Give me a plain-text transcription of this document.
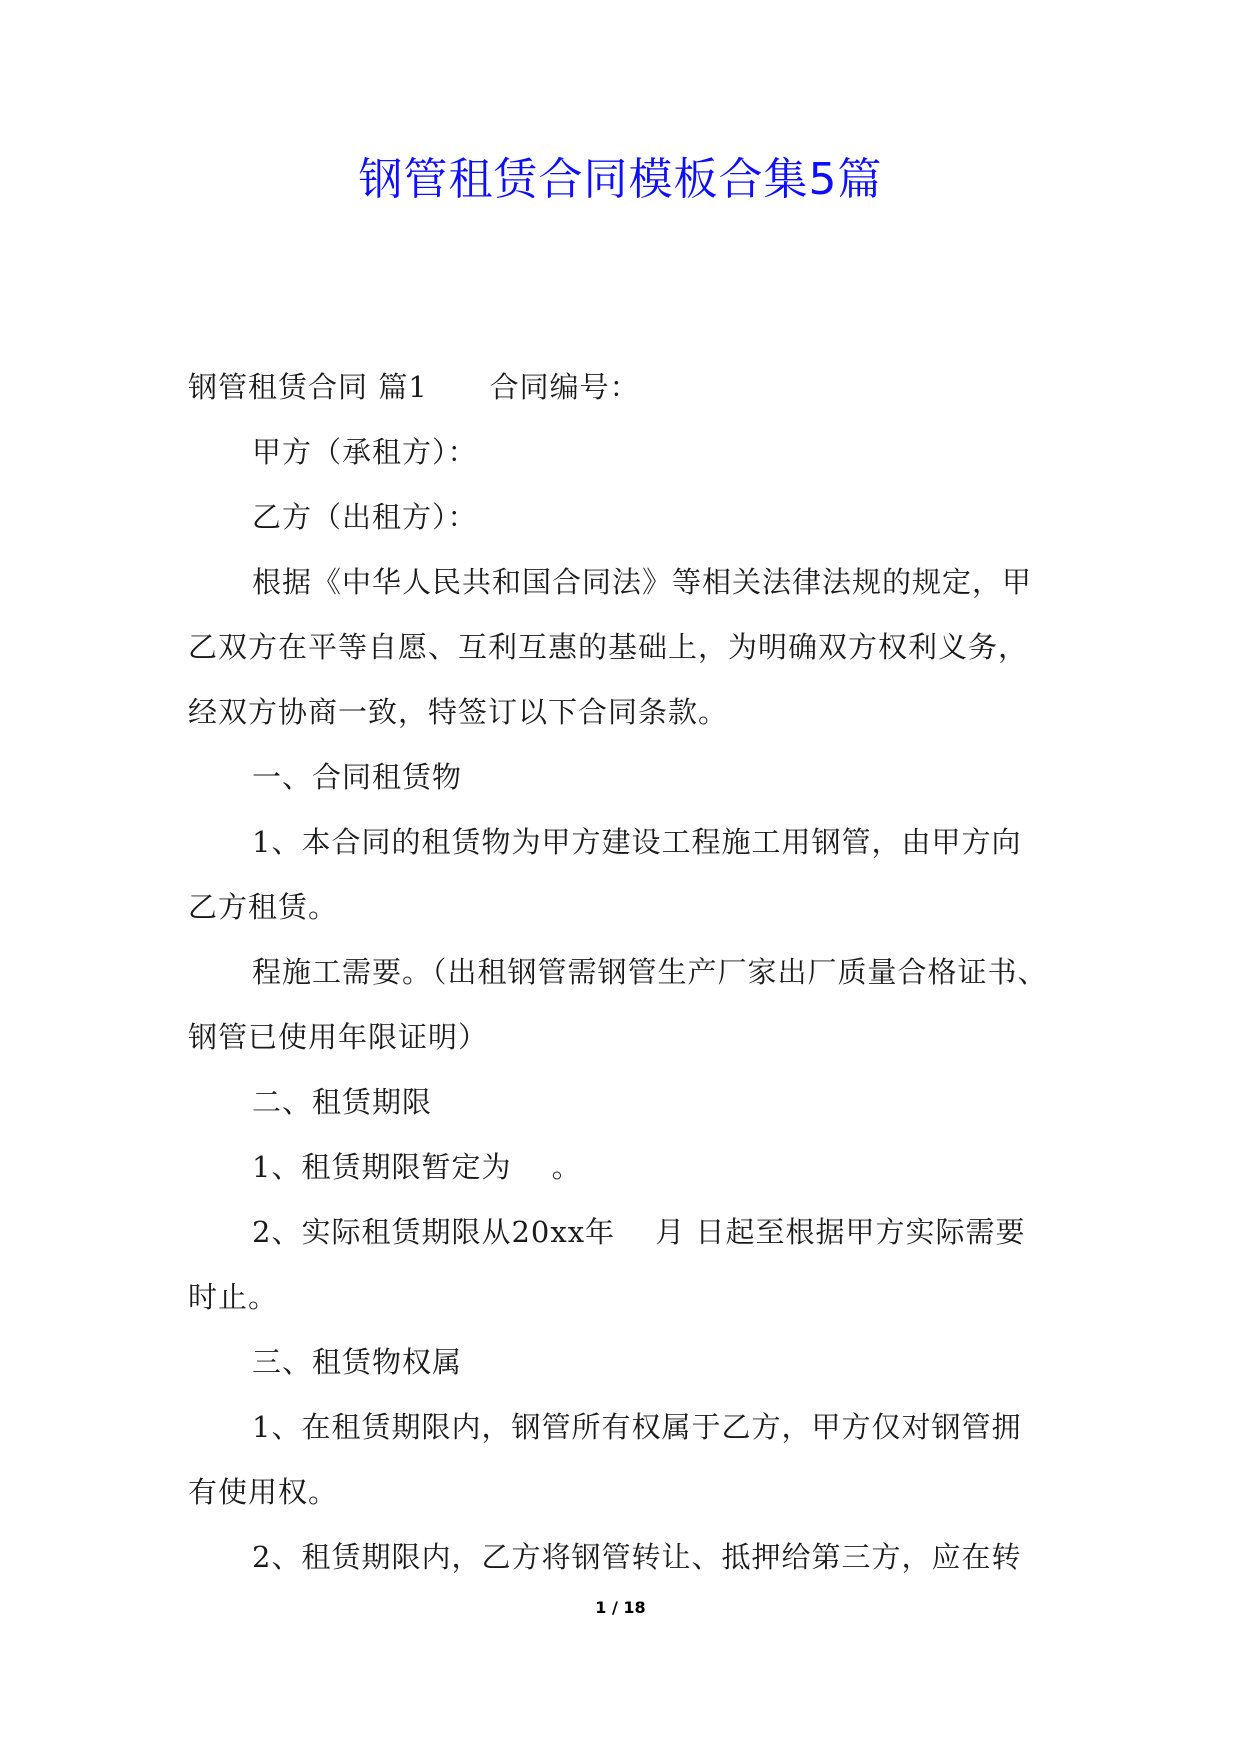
钢管租赁合同模板合集5篇
钢管租赁合同 篇1 合同编号：
甲方（承租方）：
乙方（出租方）：
根据《中华人民共和国合同法》等相关法律法规的规定，甲
乙双方在平等自愿、互利互惠的基础上，为明确双方权利义务，
经双方协商一致，特签订以下合同条款。
一、合同租赁物
1、本合同的租赁物为甲方建设工程施工用钢管，由甲方向
乙方租赁。
程施工需要。（出租钢管需钢管生产厂家出厂质量合格证书、
钢管已使用年限证明）
二、租赁期限
1、租赁期限暂定为 　。
2、实际租赁期限从20xx年 　月 日起至根据甲方实际需要
时止。
三、租赁物权属
1、在租赁期限内，钢管所有权属于乙方，甲方仅对钢管拥
有使用权。
2、租赁期限内，乙方将钢管转让、抵押给第三方，应在转
1 / 18
